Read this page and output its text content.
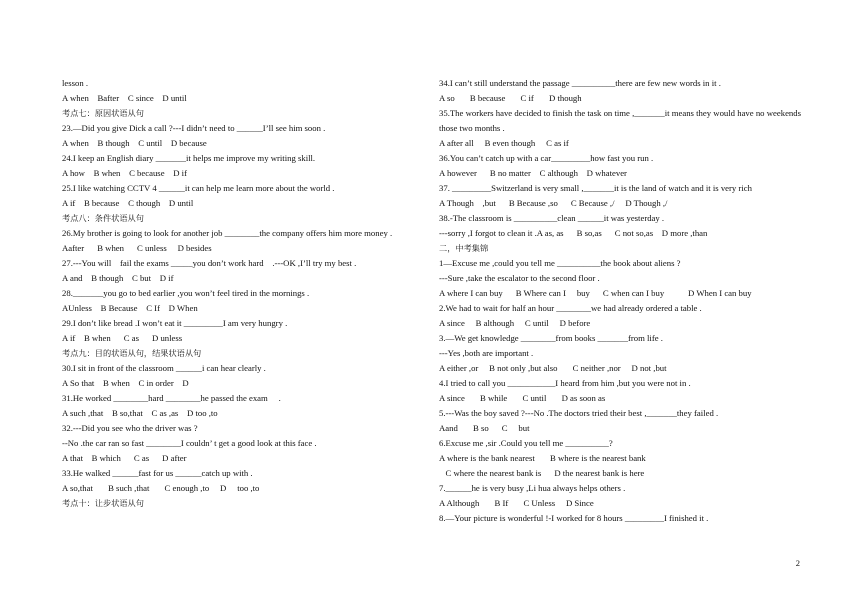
lesson .
A when    Bafter    C since    D until
考点七：原因状语从句
23.—Did you give Dick a call ?---I didn’t need to ______I’ll see him soon .
A when    B though    C until    D because
24.I keep an English diary _______it helps me improve my writing skill.
A how    B when    C because    D if
25.I like watching CCTV 4 ______it can help me learn more about the world .
A if    B because    C though    D until
考点八：条件状语从句
26.My brother is going to look for another job ________the company offers him more money .
Aafter      B when      C unless     D besides
27.---You will    fail the exams _____you don’t work hard    .---OK ,I’ll try my best .
A and    B though    C but    D if
28._______you go to bed earlier ,you won’t feel tired in the mornings .
AUnless    B Because    C If    D When
29.I don’t like bread .I won’t eat it _________I am very hungry .
A if    B when      C as      D unless
考点九：目的状语从句，结果状语从句
30.I sit in front of the classroom ______i can hear clearly .
A So that    B when    C in order    D
31.He worked ________hard ________he passed the exam     .
A such ,that    B so,that    C as ,as    D too ,to
32.---Did you see who the driver was ?
--No .the car ran so fast ________I couldn’ t get a good look at this face .
A that    B which      C as      D after
33.He walked ______fast for us ______catch up with .
A so,that       B such ,that       C enough ,to     D     too ,to
考点十：让步状语从句
34.I can’t still understand the passage __________there are few new words in it .
A so       B because       C if       D though
35.The workers have decided to finish the task on time ,_______it means they would have no weekends those two months .
A after all     B even though     C as if
36.You can’t catch up with a car_________how fast you run .
A however      B no matter    C although    D whatever
37. _________Switzerland is very small ,_______it is the land of watch and it is very rich
A Though    ,but      B Because ,so      C Because ,/     D Though ,/
38.-The classroom is __________clean ______it was yesterday .
---sorry ,I forgot to clean it .A as, as      B so,as      C not so,as    D more ,than
二，中考集锦
1—Excuse me ,could you tell me __________the book about aliens ?
---Sure ,take the escalator to the second floor .
A where I can buy      B Where can I     buy      C when can I buy           D When I can buy
2.We had to wait for half an hour ________we had already ordered a table .
A since     B although     C until     D before
3.—We get knowledge ________from books _______from life .
---Yes ,both are important .
A either ,or     B not only ,but also       C neither ,nor     D not ,but
4.I tried to call you ___________I heard from him ,but you were not in .
A since       B while       C until       D as soon as
5.---Was the boy saved ?---No .The doctors tried their best ,_______they failed .
Aand       B so      C     but
6.Excuse me ,sir .Could you tell me __________?
A where is the bank nearest       B where is the nearest bank
C where the nearest bank is      D the nearest bank is here
7.______he is very busy ,Li hua always helps others .
A Although       B If       C Unless     D Since
8.—Your picture is wonderful !-I worked for 8 hours _________I finished it .
2
